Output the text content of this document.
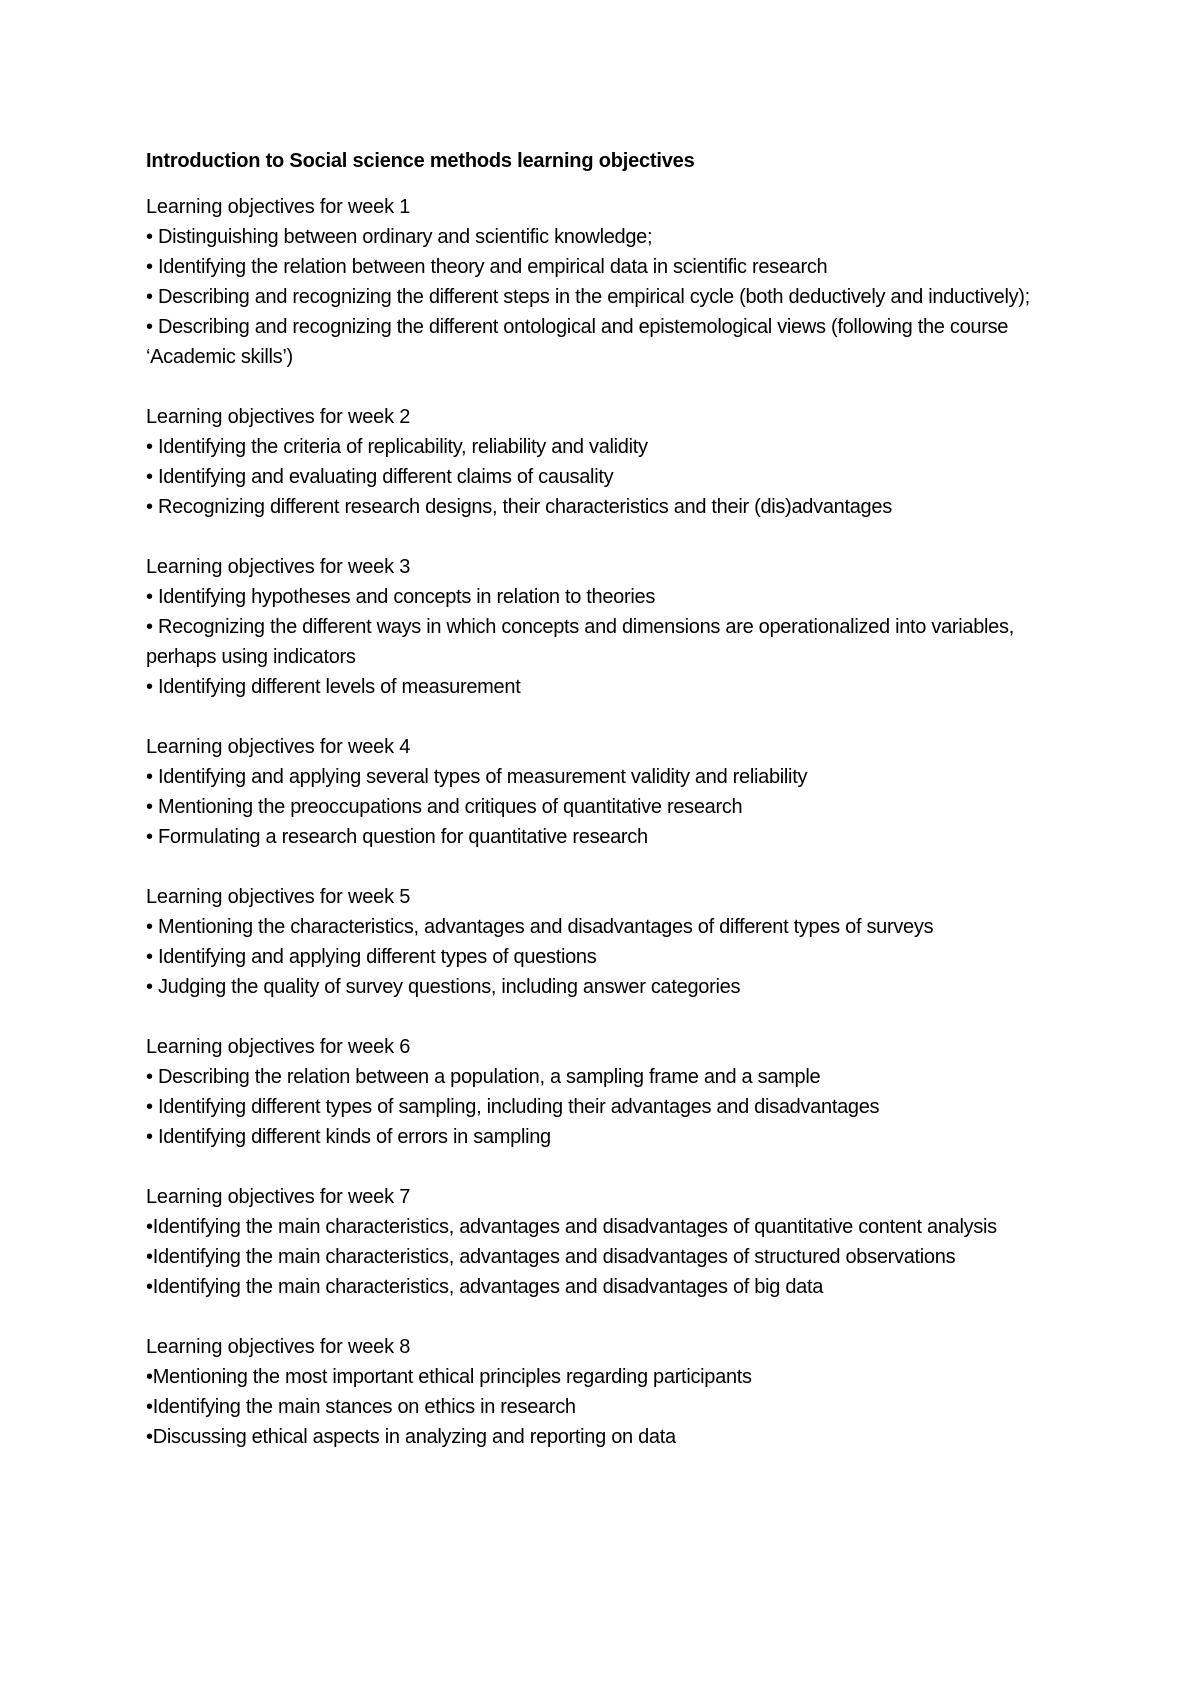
Introduction to Social science methods learning objectives

Learning objectives for week 1

• Distinguishing between ordinary and scientific knowledge;
• Identifying the relation between theory and empirical data in scientific research
• Describing and recognizing the different steps in the empirical cycle (both deductively and inductively);
• Describing and recognizing the different ontological and epistemological views (following the course ‘Academic skills’)

Learning objectives for week 2

• Identifying the criteria of replicability, reliability and validity
• Identifying and evaluating different claims of causality
• Recognizing different research designs, their characteristics and their (dis)advantages

Learning objectives for week 3

• Identifying hypotheses and concepts in relation to theories
• Recognizing the different ways in which concepts and dimensions are operationalized into variables, perhaps using indicators
• Identifying different levels of measurement

Learning objectives for week 4

• Identifying and applying several types of measurement validity and reliability
• Mentioning the preoccupations and critiques of quantitative research
• Formulating a research question for quantitative research

Learning objectives for week 5

• Mentioning the characteristics, advantages and disadvantages of different types of surveys
• Identifying and applying different types of questions
• Judging the quality of survey questions, including answer categories

Learning objectives for week 6

• Describing the relation between a population, a sampling frame and a sample
• Identifying different types of sampling, including their advantages and disadvantages
• Identifying different kinds of errors in sampling

Learning objectives for week 7

•Identifying the main characteristics, advantages and disadvantages of quantitative content analysis
•Identifying the main characteristics, advantages and disadvantages of structured observations
•Identifying the main characteristics, advantages and disadvantages of big data

Learning objectives for week 8

•Mentioning the most important ethical principles regarding participants
•Identifying the main stances on ethics in research
•Discussing ethical aspects in analyzing and reporting on data
